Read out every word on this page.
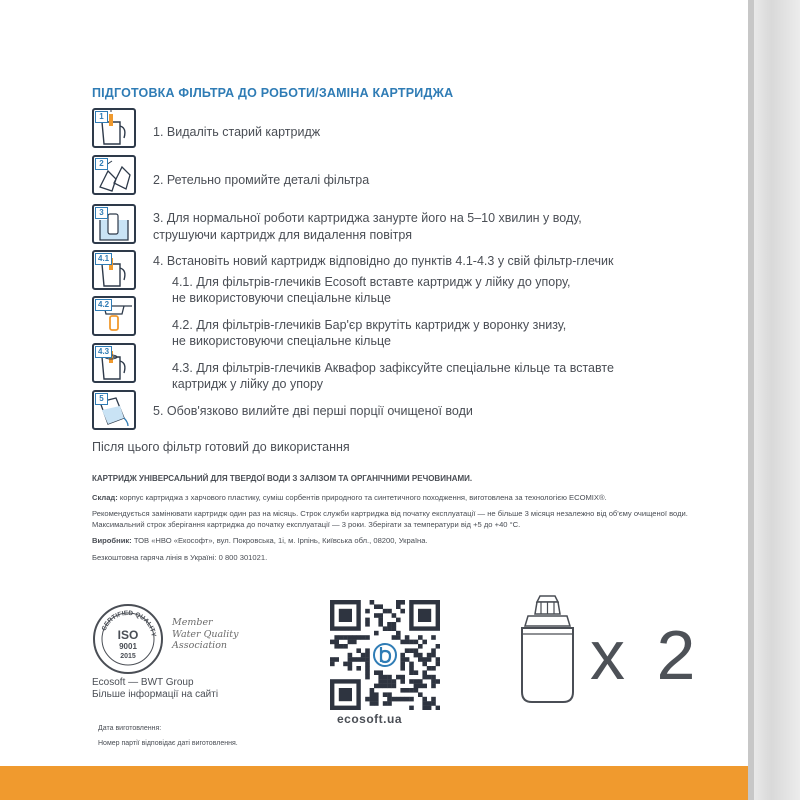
ПІДГОТОВКА ФІЛЬТРА ДО РОБОТИ/ЗАМІНА КАРТРИДЖА
1
1. Видаліть старий картридж
2
2. Ретельно промийте деталі фільтра
3	3. Для нормальної роботи картриджа занурте його на 5–10 хвилин у воду,
струшуючи картридж для видалення повітря
4.1	4. Встановіть новий картридж відповідно до пунктів 4.1-4.3 у свій фільтр-глечик
4.1. Для фільтрів-глечиків Ecosoft вставте картридж у лійку до упору,
не використовуючи спеціальне кільце
4.2
4.2. Для фільтрів-глечиків Бар'єр вкрутіть картридж у воронку знизу,
не використовуючи спеціальне кільце
4.3
4.3. Для фільтрів-глечиків Аквафор зафіксуйте спеціальне кільце та вставте
картридж у лійку до упору
5
5. Обов'язково вилийте дві перші порції очищеної води
Після цього фільтр готовий до використання
КАРТРИДЖ УНІВЕРСАЛЬНИЙ ДЛЯ ТВЕРДОЇ ВОДИ З ЗАЛІЗОМ ТА ОРГАНІЧНИМИ РЕЧОВИНАМИ.

Склад: корпус картриджа з харчового пластику, суміш сорбентів природного та синтетичного походження, виготовлена за технологією ECOMIX®.

Рекомендується замінювати картридж один раз на місяць. Строк служби картриджа від початку експлуатації — не більше 3 місяця незалежно від об'єму очищеної води. Максимальний строк зберігання картриджа до початку експлуатації — 3 роки. Зберігати за температури від +5 до +40 °С.

Виробник: ТОВ «НВО «Екософт», вул. Покровська, 1і, м. Ірпінь, Київська обл., 08200, Україна.

Безкоштовна гаряча лінія в Україні: 0 800 301021.

CERTIFIED QUALITY
ISO
9001
2015
Member
Water Quality
Association
Ecosoft — BWT Group
Більше інформації на сайті
Дата виготовлення:
Номер партії відповідає даті виготовлення.
ecosoft.ua
x 2
